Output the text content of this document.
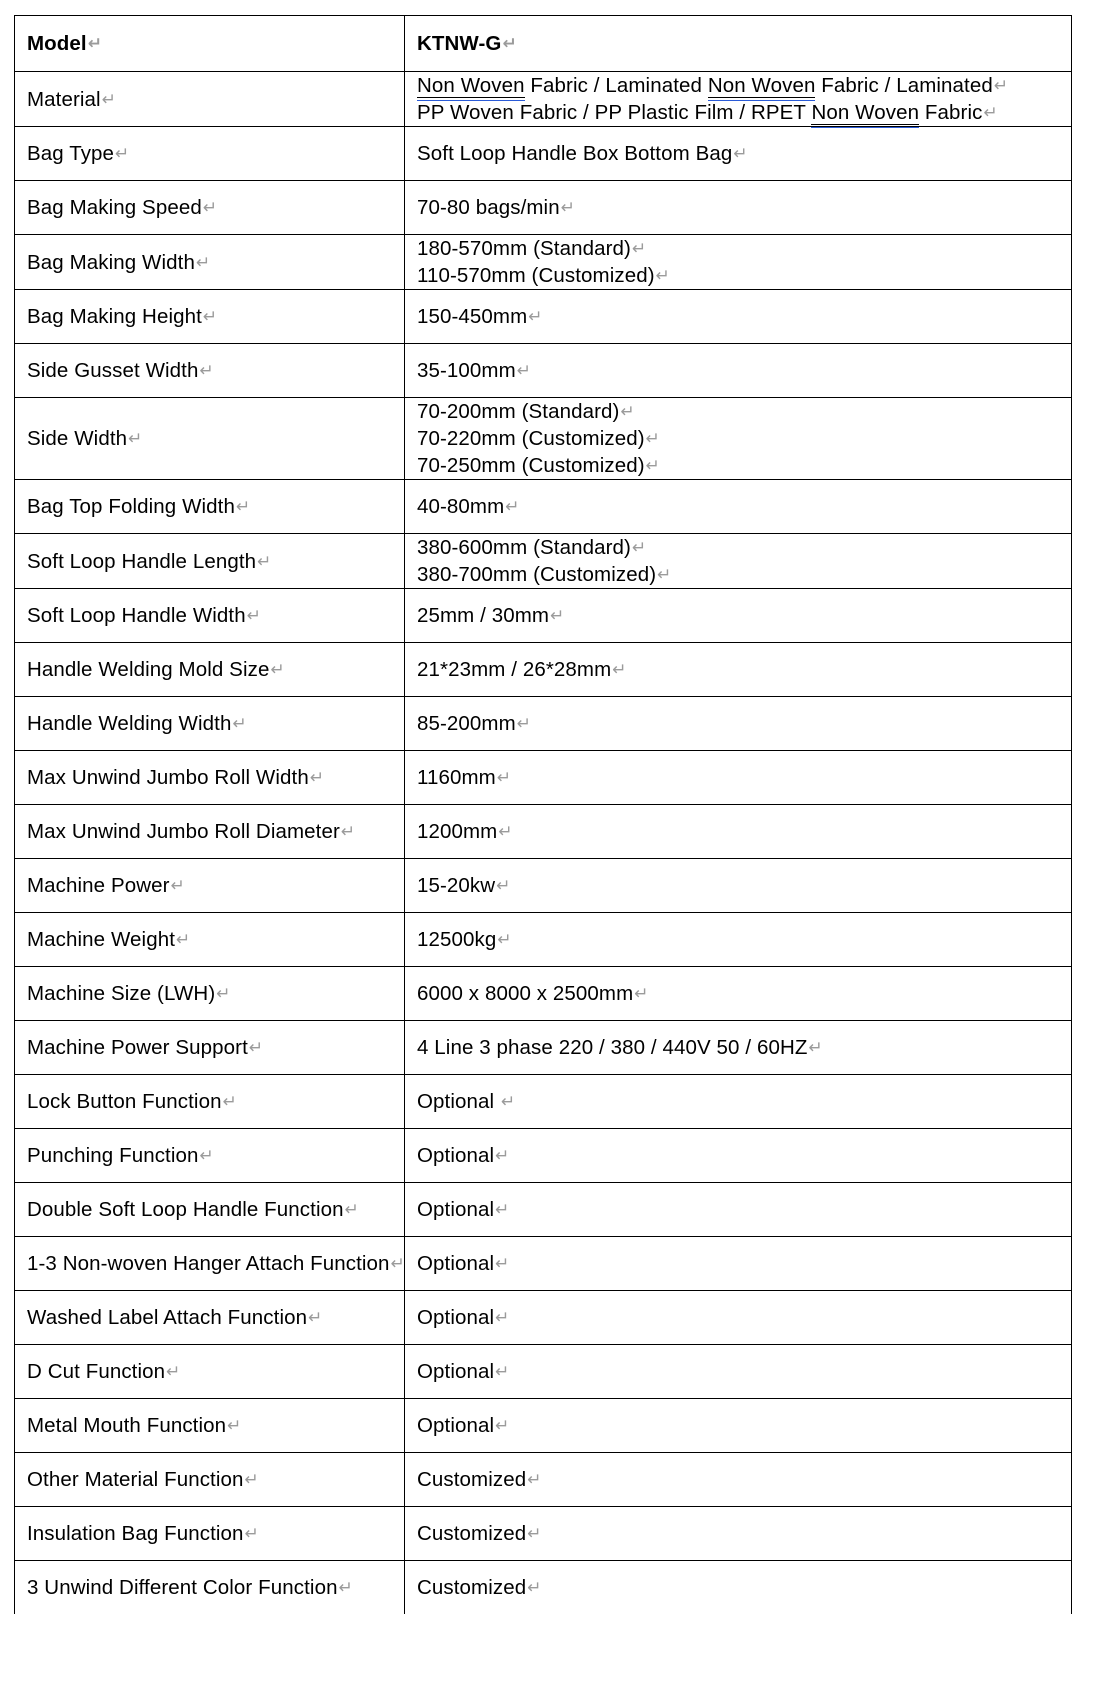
Model↵	KTNW-G↵

Material↵	Non Woven Fabric / Laminated Non Woven Fabric / Laminated↵
PP Woven Fabric / PP Plastic Film / RPET Non Woven Fabric↵

Bag Type↵	Soft Loop Handle Box Bottom Bag↵

Bag Making Speed↵	70-80 bags/min↵

Bag Making Width↵	180-570mm (Standard)↵
110-570mm (Customized)↵

Bag Making Height↵	150-450mm↵

Side Gusset Width↵	35-100mm↵

Side Width↵	70-200mm (Standard)↵
70-220mm (Customized)↵
70-250mm (Customized)↵

Bag Top Folding Width↵	40-80mm↵

Soft Loop Handle Length↵	380-600mm (Standard)↵
380-700mm (Customized)↵

Soft Loop Handle Width↵	25mm / 30mm↵

Handle Welding Mold Size↵	21*23mm / 26*28mm↵

Handle Welding Width↵	85-200mm↵

Max Unwind Jumbo Roll Width↵	1160mm↵

Max Unwind Jumbo Roll Diameter↵	1200mm↵

Machine Power↵	15-20kw↵

Machine Weight↵	12500kg↵

Machine Size (LWH)↵	6000 x 8000 x 2500mm↵

Machine Power Support↵	4 Line 3 phase 220 / 380 / 440V 50 / 60HZ↵

Lock Button Function↵	Optional ↵

Punching Function↵	Optional↵

Double Soft Loop Handle Function↵	Optional↵

1-3 Non-woven Hanger Attach Function↵	Optional↵

Washed Label Attach Function↵	Optional↵

D Cut Function↵	Optional↵

Metal Mouth Function↵	Optional↵

Other Material Function↵	Customized↵

Insulation Bag Function↵	Customized↵

3 Unwind Different Color Function↵	Customized↵
